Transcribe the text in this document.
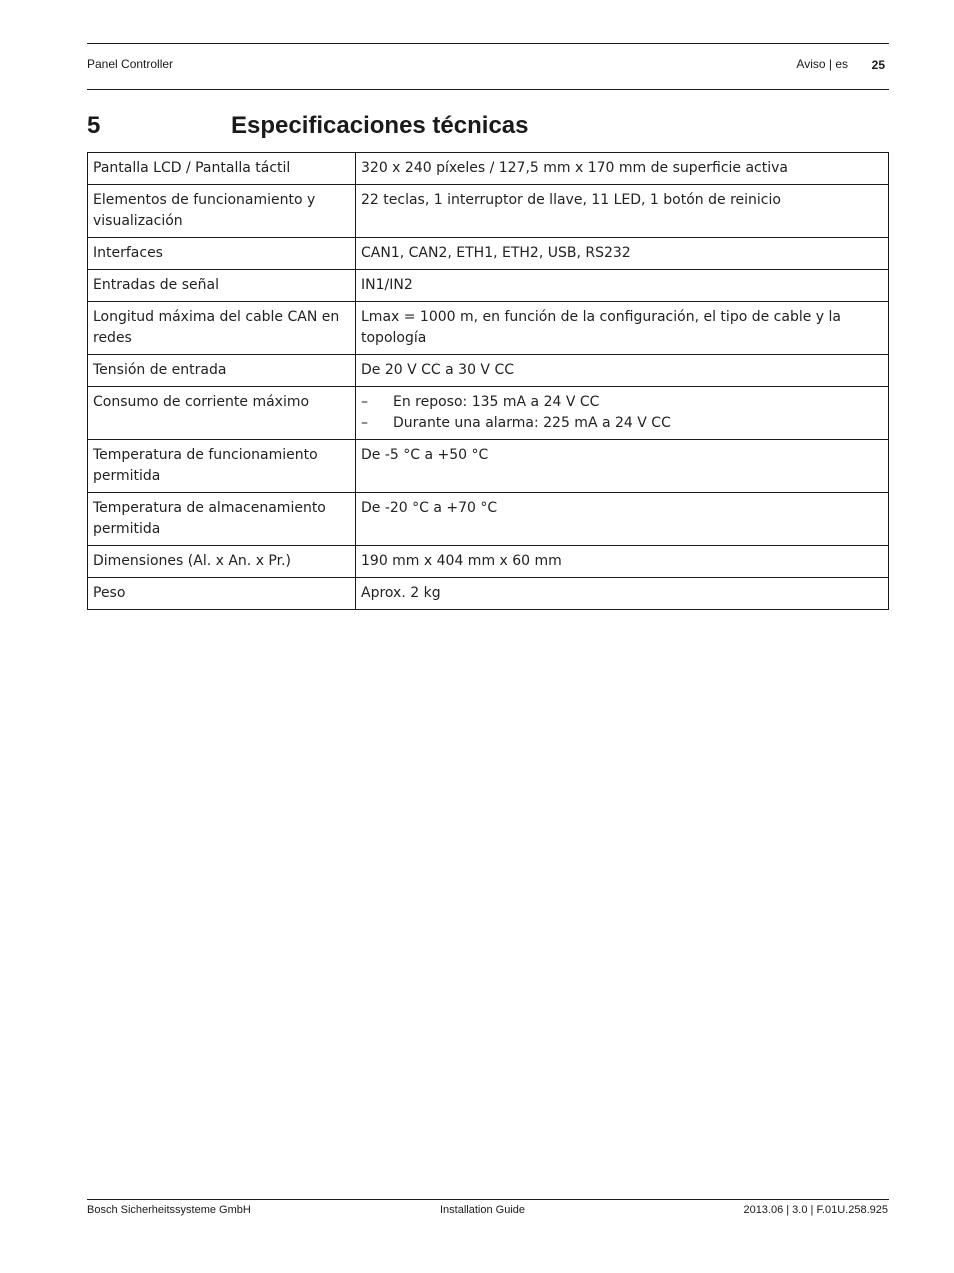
Panel Controller	Aviso | es 25
5	Especificaciones técnicas
Pantalla LCD / Pantalla táctil	320 x 240 píxeles / 127,5 mm x 170 mm de superficie activa
Elementos de funcionamiento y visualización	22 teclas, 1 interruptor de llave, 11 LED, 1 botón de reinicio
Interfaces	CAN1, CAN2, ETH1, ETH2, USB, RS232
Entradas de señal	IN1/IN2
Longitud máxima del cable CAN en redes	Lmax = 1000 m, en función de la configuración, el tipo de cable y la topología
Tensión de entrada	De 20 V CC a 30 V CC
Consumo de corriente máximo	– En reposo: 135 mA a 24 V CC
– Durante una alarma: 225 mA a 24 V CC

Temperatura de funcionamiento permitida	De -5 °C a +50 °C
Temperatura de almacenamiento permitida	De -20 °C a +70 °C
Dimensiones (Al. x An. x Pr.)	190 mm x 404 mm x 60 mm
Peso	Aprox. 2 kg
Bosch Sicherheitssysteme GmbH	Installation Guide	2013.06 | 3.0 | F.01U.258.925
